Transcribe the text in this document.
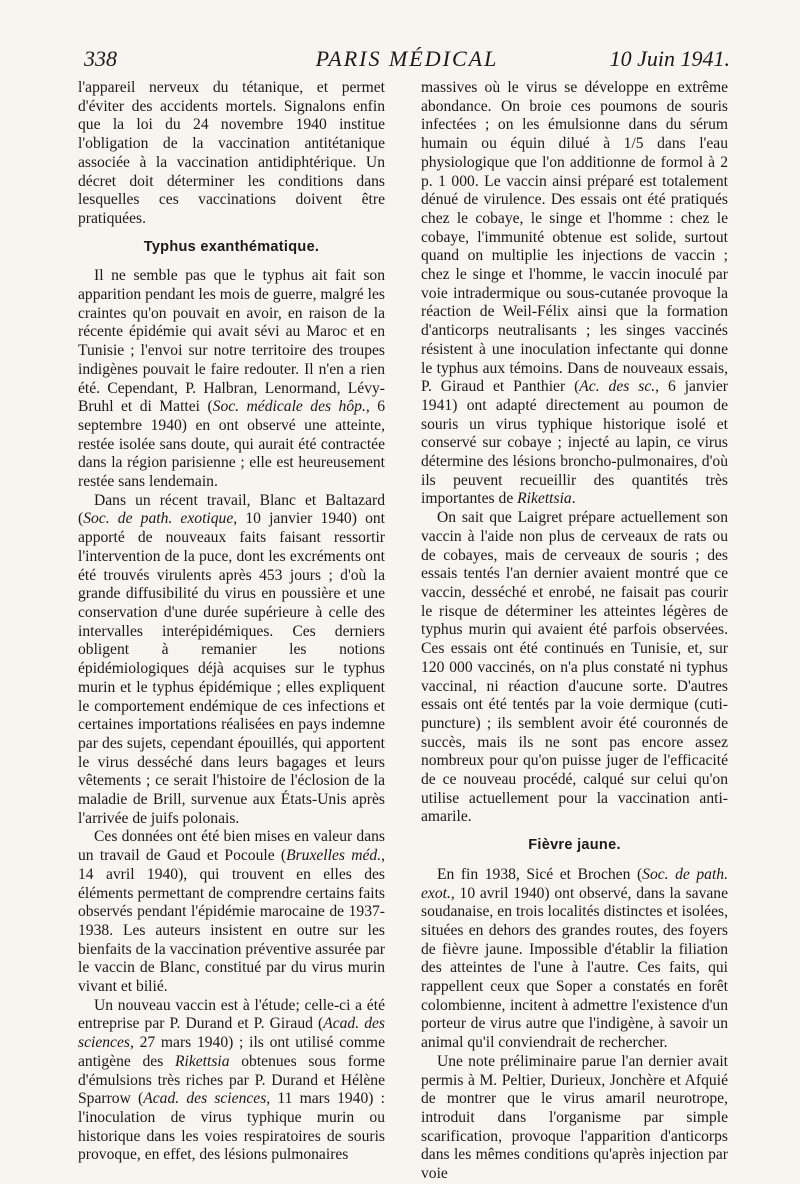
338	PARIS MÉDICAL	10 Juin 1941.

l'appareil nerveux du tétanique, et permet d'éviter des accidents mortels. Signalons enfin que la loi du 24 novembre 1940 institue l'obligation de la vaccination antitétanique associée à la vaccination antidiphtérique. Un décret doit déterminer les conditions dans lesquelles ces vaccinations doivent être pratiquées.

Typhus exanthématique.

Il ne semble pas que le typhus ait fait son apparition pendant les mois de guerre, malgré les craintes qu'on pouvait en avoir, en raison de la récente épidémie qui avait sévi au Maroc et en Tunisie ; l'envoi sur notre territoire des troupes indigènes pouvait le faire redouter. Il n'en a rien été. Cependant, P. Halbran, Lenormand, Lévy-Bruhl et di Mattei (Soc. médicale des hôp., 6 septembre 1940) en ont observé une atteinte, restée isolée sans doute, qui aurait été contractée dans la région parisienne ; elle est heureusement restée sans lendemain.

Dans un récent travail, Blanc et Baltazard (Soc. de path. exotique, 10 janvier 1940) ont apporté de nouveaux faits faisant ressortir l'intervention de la puce, dont les excréments ont été trouvés virulents après 453 jours ; d'où la grande diffusibilité du virus en poussière et une conservation d'une durée supérieure à celle des intervalles interépidémiques. Ces derniers obligent à remanier les notions épidémiologiques déjà acquises sur le typhus murin et le typhus épidémique ; elles expliquent le comportement endémique de ces infections et certaines importations réalisées en pays indemne par des sujets, cependant épouillés, qui apportent le virus desséché dans leurs bagages et leurs vêtements ; ce serait l'histoire de l'éclosion de la maladie de Brill, survenue aux États-Unis après l'arrivée de juifs polonais.

Ces données ont été bien mises en valeur dans un travail de Gaud et Pocoule (Bruxelles méd., 14 avril 1940), qui trouvent en elles des éléments permettant de comprendre certains faits observés pendant l'épidémie marocaine de 1937-1938. Les auteurs insistent en outre sur les bienfaits de la vaccination préventive assurée par le vaccin de Blanc, constitué par du virus murin vivant et bilié.

Un nouveau vaccin est à l'étude; celle-ci a été entreprise par P. Durand et P. Giraud (Acad. des sciences, 27 mars 1940) ; ils ont utilisé comme antigène des Rikettsia obtenues sous forme d'émulsions très riches par P. Durand et Hélène Sparrow (Acad. des sciences, 11 mars 1940) : l'inoculation de virus typhique murin ou historique dans les voies respiratoires de souris provoque, en effet, des lésions pulmonaires

massives où le virus se développe en extrême abondance. On broie ces poumons de souris infectées ; on les émulsionne dans du sérum humain ou équin dilué à 1/5 dans l'eau physiologique que l'on additionne de formol à 2 p. 1 000. Le vaccin ainsi préparé est totalement dénué de virulence. Des essais ont été pratiqués chez le cobaye, le singe et l'homme : chez le cobaye, l'immunité obtenue est solide, surtout quand on multiplie les injections de vaccin ; chez le singe et l'homme, le vaccin inoculé par voie intradermique ou sous-cutanée provoque la réaction de Weil-Félix ainsi que la formation d'anticorps neutralisants ; les singes vaccinés résistent à une inoculation infectante qui donne le typhus aux témoins. Dans de nouveaux essais, P. Giraud et Panthier (Ac. des sc., 6 janvier 1941) ont adapté directement au poumon de souris un virus typhique historique isolé et conservé sur cobaye ; injecté au lapin, ce virus détermine des lésions broncho-pulmonaires, d'où ils peuvent recueillir des quantités très importantes de Rikettsia.

On sait que Laigret prépare actuellement son vaccin à l'aide non plus de cerveaux de rats ou de cobayes, mais de cerveaux de souris ; des essais tentés l'an dernier avaient montré que ce vaccin, desséché et enrobé, ne faisait pas courir le risque de déterminer les atteintes légères de typhus murin qui avaient été parfois observées. Ces essais ont été continués en Tunisie, et, sur 120 000 vaccinés, on n'a plus constaté ni typhus vaccinal, ni réaction d'aucune sorte. D'autres essais ont été tentés par la voie dermique (cuti-puncture) ; ils semblent avoir été couronnés de succès, mais ils ne sont pas encore assez nombreux pour qu'on puisse juger de l'efficacité de ce nouveau procédé, calqué sur celui qu'on utilise actuellement pour la vaccination anti-amarile.

Fièvre jaune.

En fin 1938, Sicé et Brochen (Soc. de path. exot., 10 avril 1940) ont observé, dans la savane soudanaise, en trois localités distinctes et isolées, situées en dehors des grandes routes, des foyers de fièvre jaune. Impossible d'établir la filiation des atteintes de l'une à l'autre. Ces faits, qui rappellent ceux que Soper a constatés en forêt colombienne, incitent à admettre l'existence d'un porteur de virus autre que l'indigène, à savoir un animal qu'il conviendrait de rechercher.

Une note préliminaire parue l'an dernier avait permis à M. Peltier, Durieux, Jonchère et Afquié de montrer que le virus amaril neurotrope, introduit dans l'organisme par simple scarification, provoque l'apparition d'anticorps dans les mêmes conditions qu'après injection par voie
